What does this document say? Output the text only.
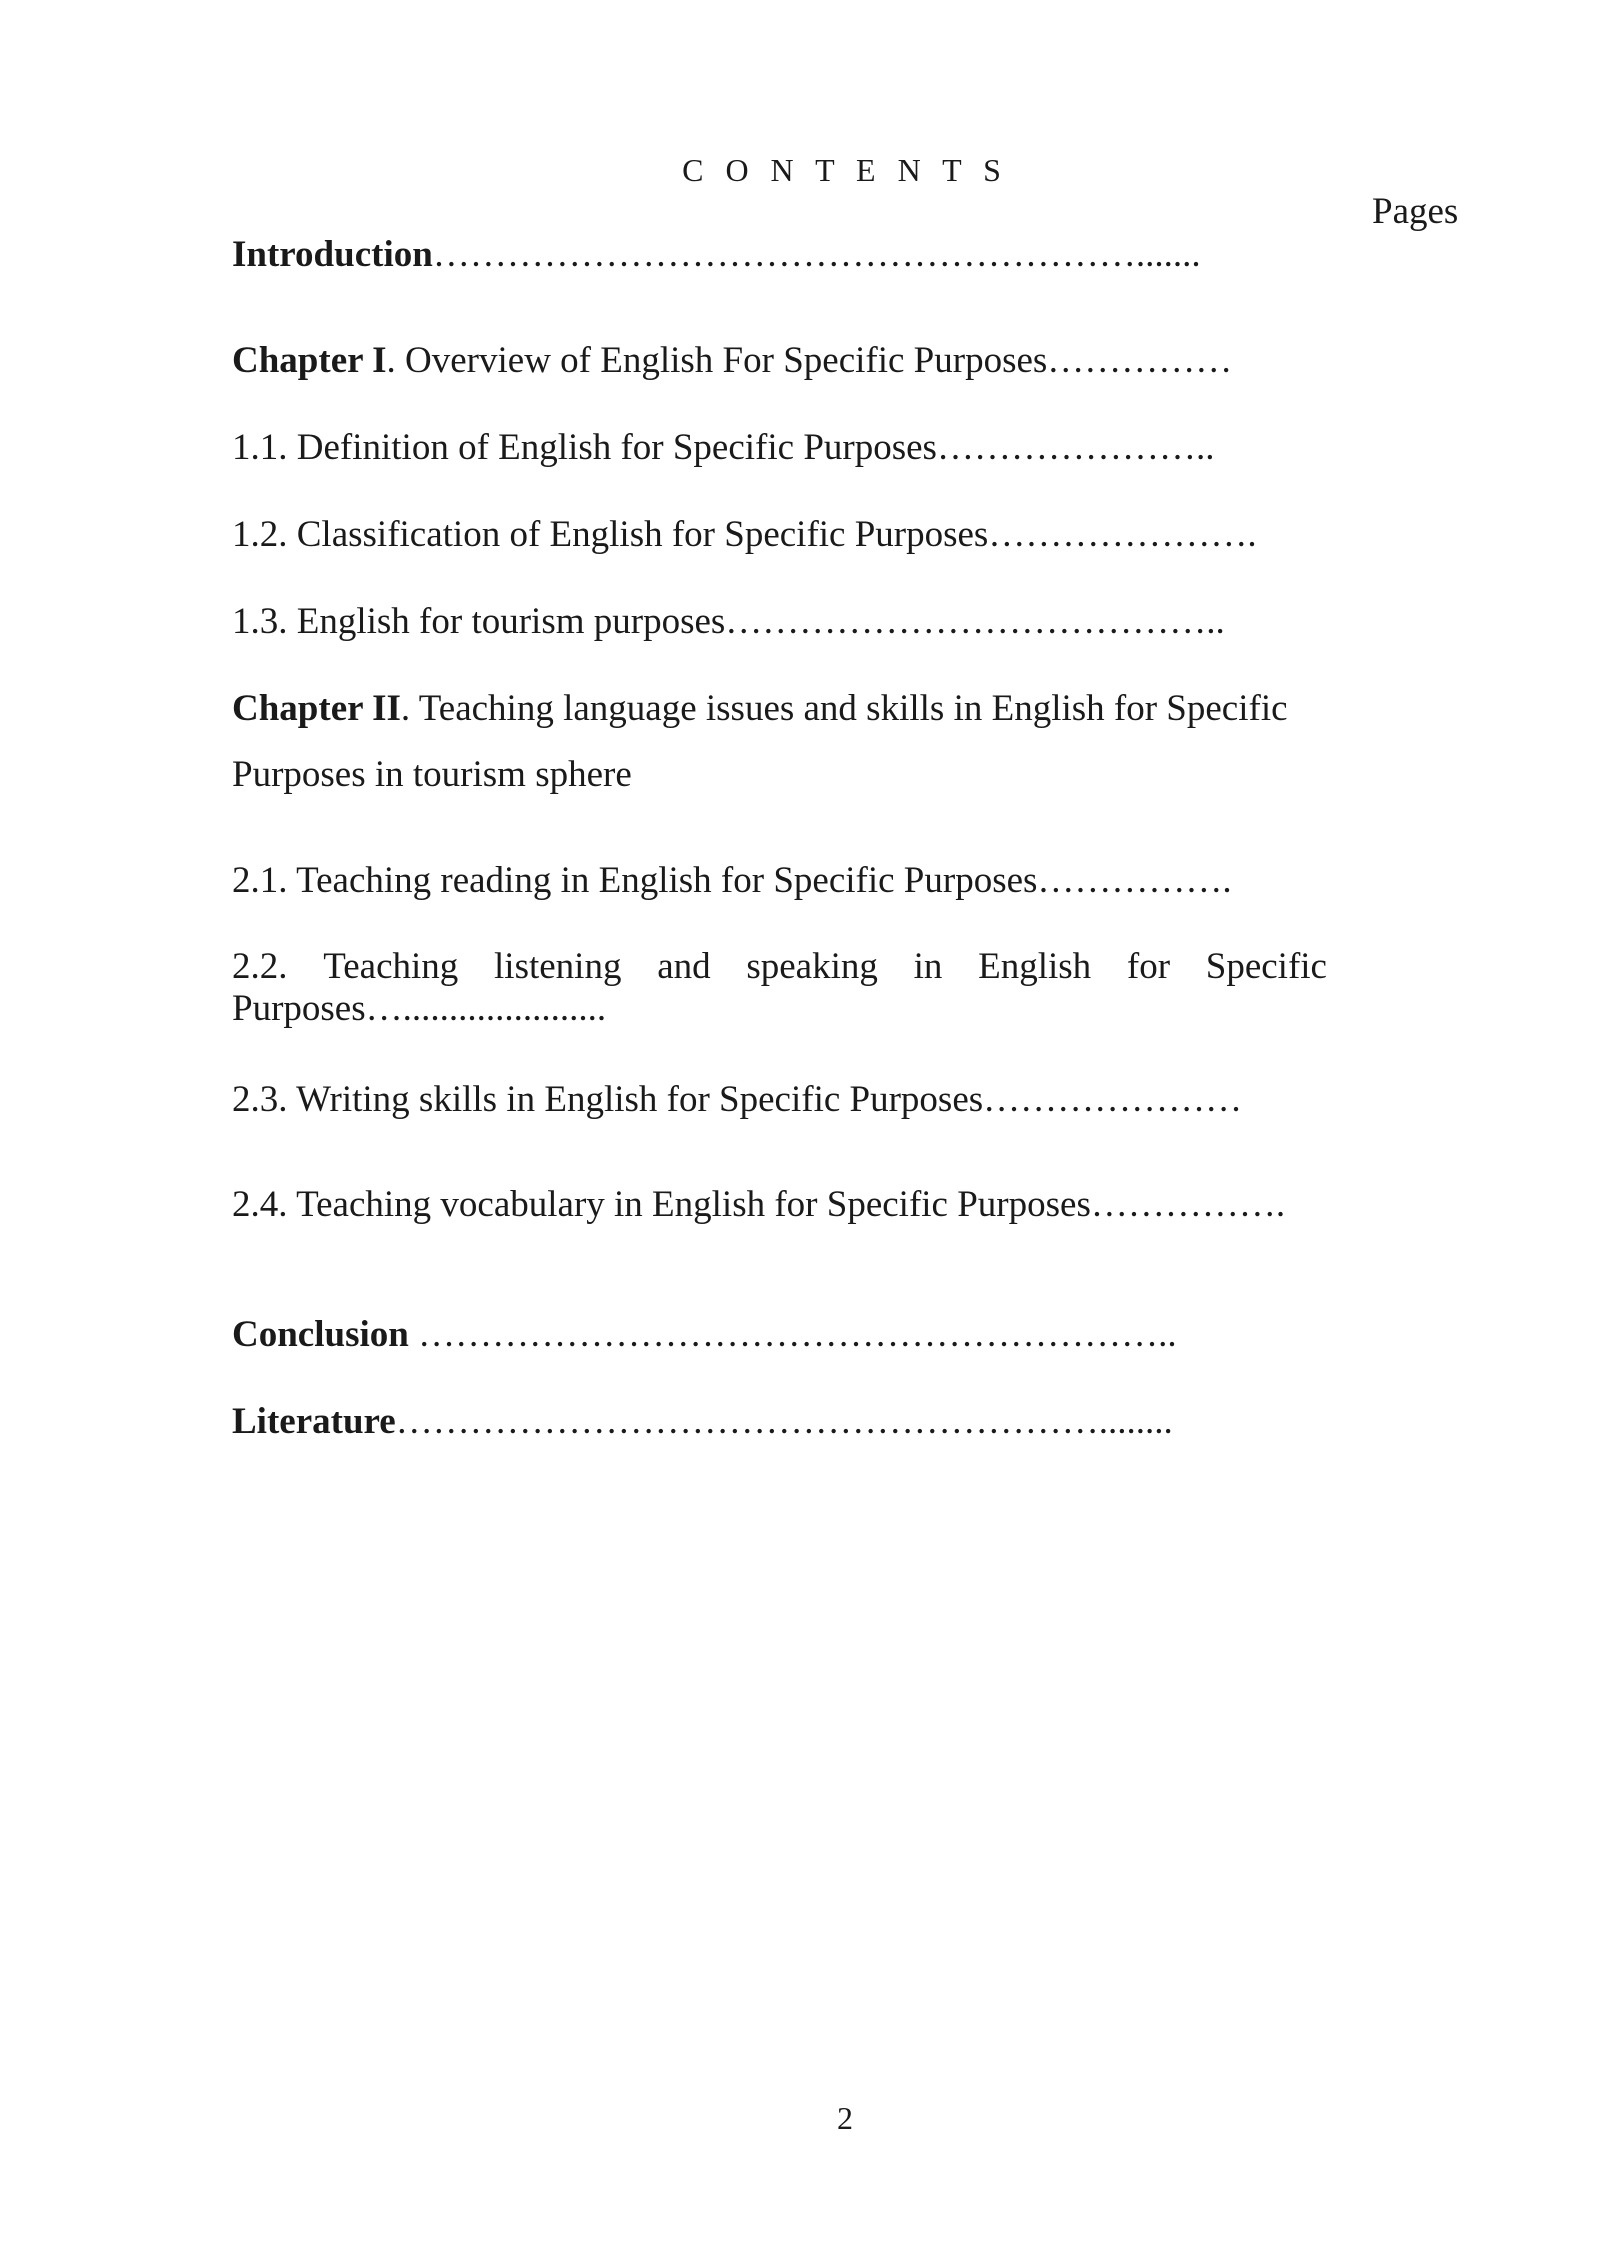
C O N T E N T S
Pages
Introduction………………………………………………….......
Chapter I. Overview of English For Specific Purposes……………
1.1. Definition of English for Specific Purposes…………………..
1.2. Classification of English for Specific Purposes………………….
1.3. English for tourism purposes…………………………………..
Chapter II. Teaching language issues and skills in English for Specific
Purposes in tourism sphere
2.1. Teaching reading in English for Specific Purposes…………….
2.2. Teaching listening and speaking in English for Specific
Purposes…......................
2.3. Writing skills in English for Specific Purposes…………………
2.4. Teaching vocabulary in English for Specific Purposes…………….
Conclusion ……………………………………………………..
Literature…………………………………………………........
2
